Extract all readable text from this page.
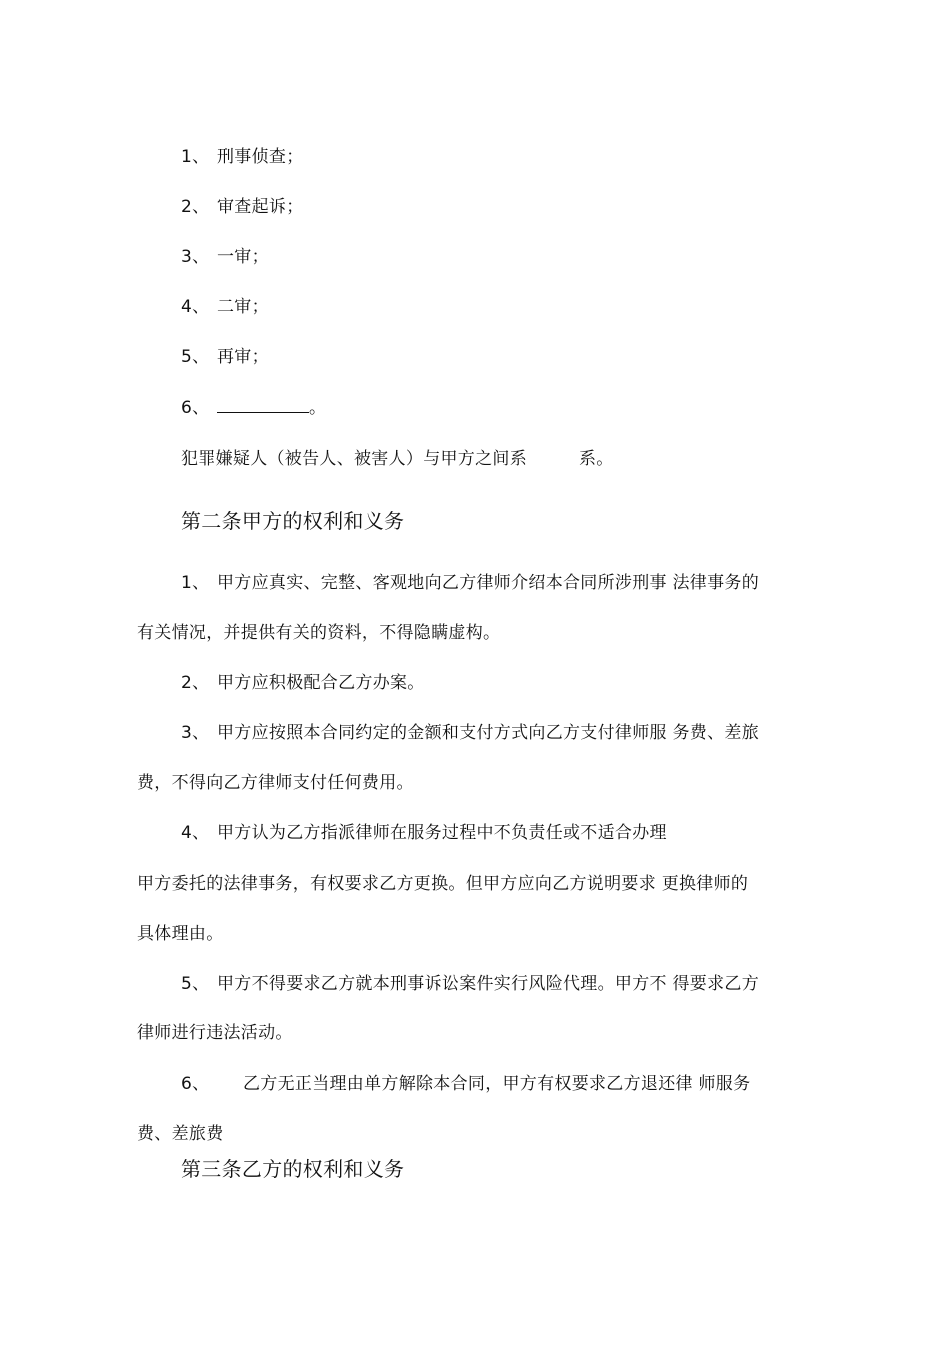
1、 刑事侦查；
2、 审查起诉；
3、 一审；
4、 二审；
5、 再审；
6、	。
犯罪嫌疑人（被告人、被害人）与甲方之间系	系。
第二条甲方的权利和义务
1、 甲方应真实、完整、客观地向乙方律师介绍本合同所涉刑事 法律事务的
有关情况，并提供有关的资料，不得隐瞒虚构。
2、 甲方应积极配合乙方办案。
3、 甲方应按照本合同约定的金额和支付方式向乙方支付律师服 务费、差旅
费，不得向乙方律师支付任何费用。
4、 甲方认为乙方指派律师在服务过程中不负责任或不适合办理
甲方委托的法律事务，有权要求乙方更换。但甲方应向乙方说明要求 更换律师的
具体理由。
5、 甲方不得要求乙方就本刑事诉讼案件实行风险代理。甲方不 得要求乙方
律师进行违法活动。
6、 乙方无正当理由单方解除本合同，甲方有权要求乙方退还律 师服务
费、差旅费
第三条乙方的权利和义务
